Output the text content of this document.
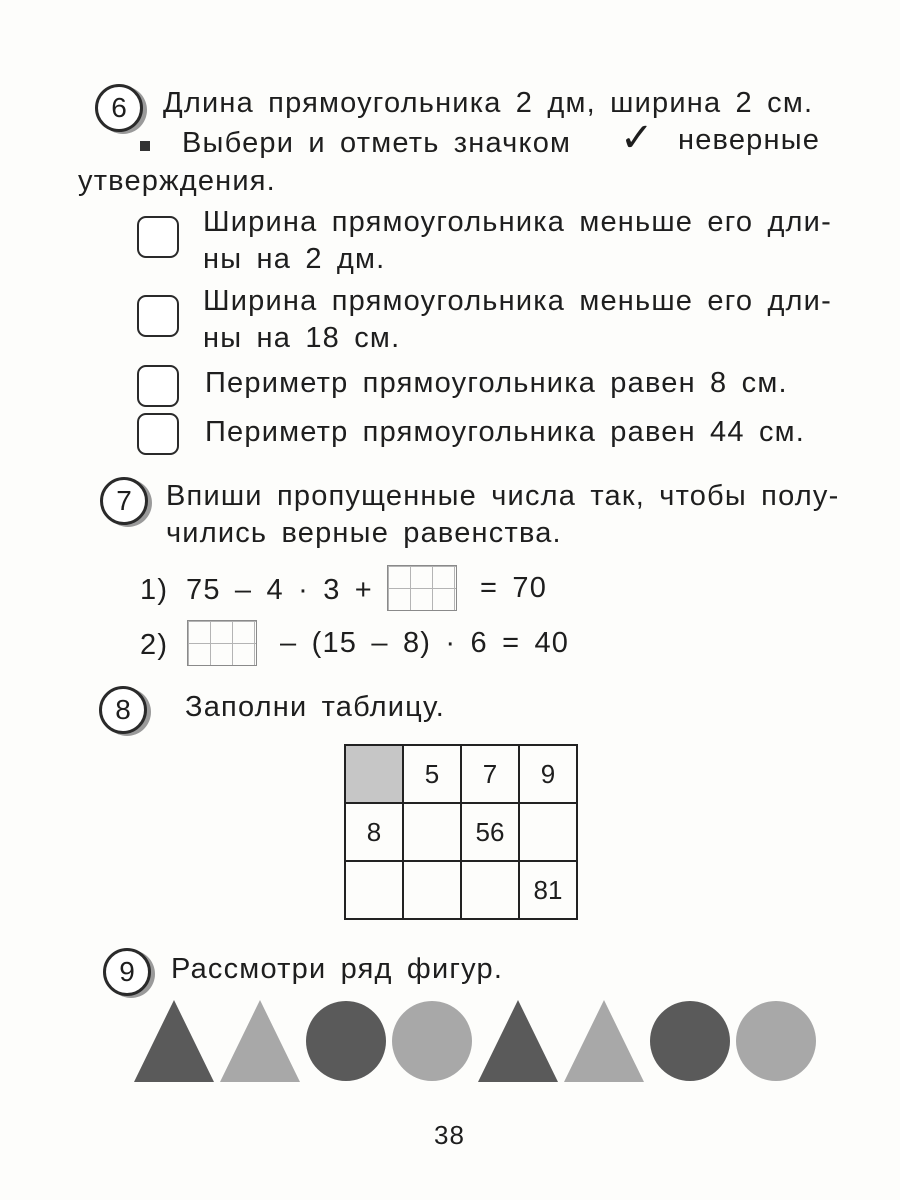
6 Длина прямоугольника 2 дм, ширина 2 см.
Выбери и отметь значком ✓ неверные
утверждения.
Ширина прямоугольника меньше его дли-
ны на 2 дм.
Ширина прямоугольника меньше его дли-
ны на 18 см.
Периметр прямоугольника равен 8 см.
Периметр прямоугольника равен 44 см.
7 Впиши пропущенные числа так, чтобы полу-
чились верные равенства.
1) 75 – 4 · 3 +	= 70
2)	– (15 – 8) · 6 = 40
8 Заполни таблицу.
	5	7	9
8		56	
			81
9 Рассмотри ряд фигур.
38
